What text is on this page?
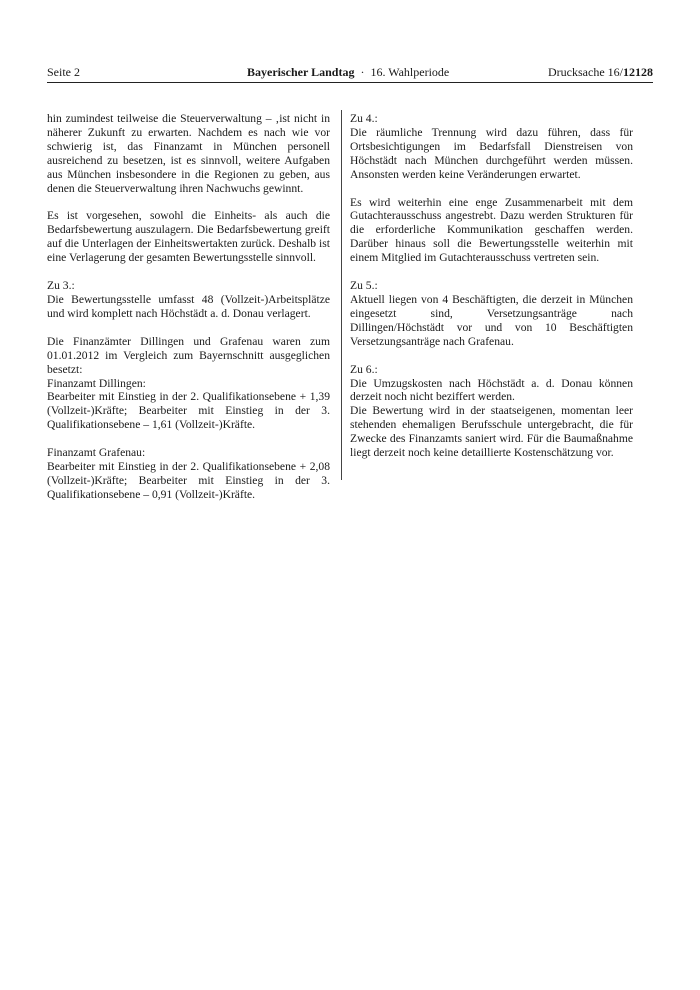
Seite 2	Bayerischer Landtag · 16. Wahlperiode	Drucksache 16/12128

hin zumindest teilweise die Steuerverwaltung – ‚ist nicht in näherer Zukunft zu erwarten. Nachdem es nach wie vor schwierig ist, das Finanzamt in München personell ausreichend zu besetzen, ist es sinnvoll, weitere Aufgaben aus München insbesondere in die Regionen zu geben, aus denen die Steuerverwaltung ihren Nachwuchs gewinnt.

Es ist vorgesehen, sowohl die Einheits- als auch die Bedarfsbewertung auszulagern. Die Bedarfsbewertung greift auf die Unterlagen der Einheitswertakten zurück. Deshalb ist eine Verlagerung der gesamten Bewertungsstelle sinnvoll.

Zu 3.:
Die Bewertungsstelle umfasst 48 (Vollzeit-)Arbeitsplätze und wird komplett nach Höchstädt a. d. Donau verlagert.

Die Finanzämter Dillingen und Grafenau waren zum 01.01.2012 im Vergleich zum Bayernschnitt ausgeglichen besetzt:
Finanzamt Dillingen:
Bearbeiter mit Einstieg in der 2. Qualifikationsebene + 1,39 (Vollzeit-)Kräfte; Bearbeiter mit Einstieg in der 3. Qualifikationsebene – 1,61 (Vollzeit-)Kräfte.

Finanzamt Grafenau:
Bearbeiter mit Einstieg in der 2. Qualifikationsebene + 2,08 (Vollzeit-)Kräfte; Bearbeiter mit Einstieg in der 3. Qualifikationsebene – 0,91 (Vollzeit-)Kräfte.

Zu 4.:
Die räumliche Trennung wird dazu führen, dass für Ortsbesichtigungen im Bedarfsfall Dienstreisen von Höchstädt nach München durchgeführt werden müssen. Ansonsten werden keine Veränderungen erwartet.

Es wird weiterhin eine enge Zusammenarbeit mit dem Gutachterausschuss angestrebt. Dazu werden Strukturen für die erforderliche Kommunikation geschaffen werden. Darüber hinaus soll die Bewertungsstelle weiterhin mit einem Mitglied im Gutachterausschuss vertreten sein.

Zu 5.:
Aktuell liegen von 4 Beschäftigten, die derzeit in München eingesetzt sind, Versetzungsanträge nach Dillingen/Höchstädt vor und von 10 Beschäftigten Versetzungsanträge nach Grafenau.

Zu 6.:
Die Umzugskosten nach Höchstädt a. d. Donau können derzeit noch nicht beziffert werden.
Die Bewertung wird in der staatseigenen, momentan leer stehenden ehemaligen Berufsschule untergebracht, die für Zwecke des Finanzamts saniert wird. Für die Baumaßnahme liegt derzeit noch keine detaillierte Kostenschätzung vor.
